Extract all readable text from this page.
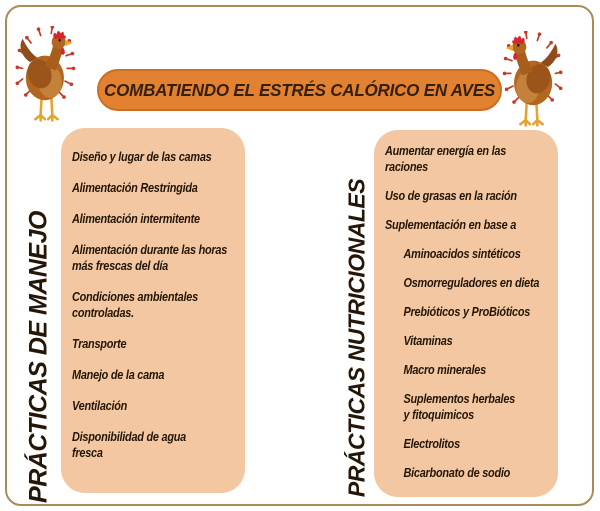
COMBATIENDO EL ESTRÉS CALÓRICO EN AVES
PRÁCTICAS DE MANEJO	PRÁCTICAS NUTRICIONALES
Diseño y lugar de las camas
Alimentación Restringida
Alimentación intermitente
Alimentación durante las horas
más frescas del día
Condiciones ambientales
controladas.
Transporte
Manejo de la cama
Ventilación
Disponibilidad de agua
fresca
Aumentar energía en las
raciones
Uso de grasas en la ración
Suplementación en base a
Aminoacidos sintéticos
Osmorreguladores en dieta
Prebióticos y ProBióticos
Vitaminas
Macro minerales
Suplementos herbales
y fitoquimicos
Electrolitos
Bicarbonato de sodio
